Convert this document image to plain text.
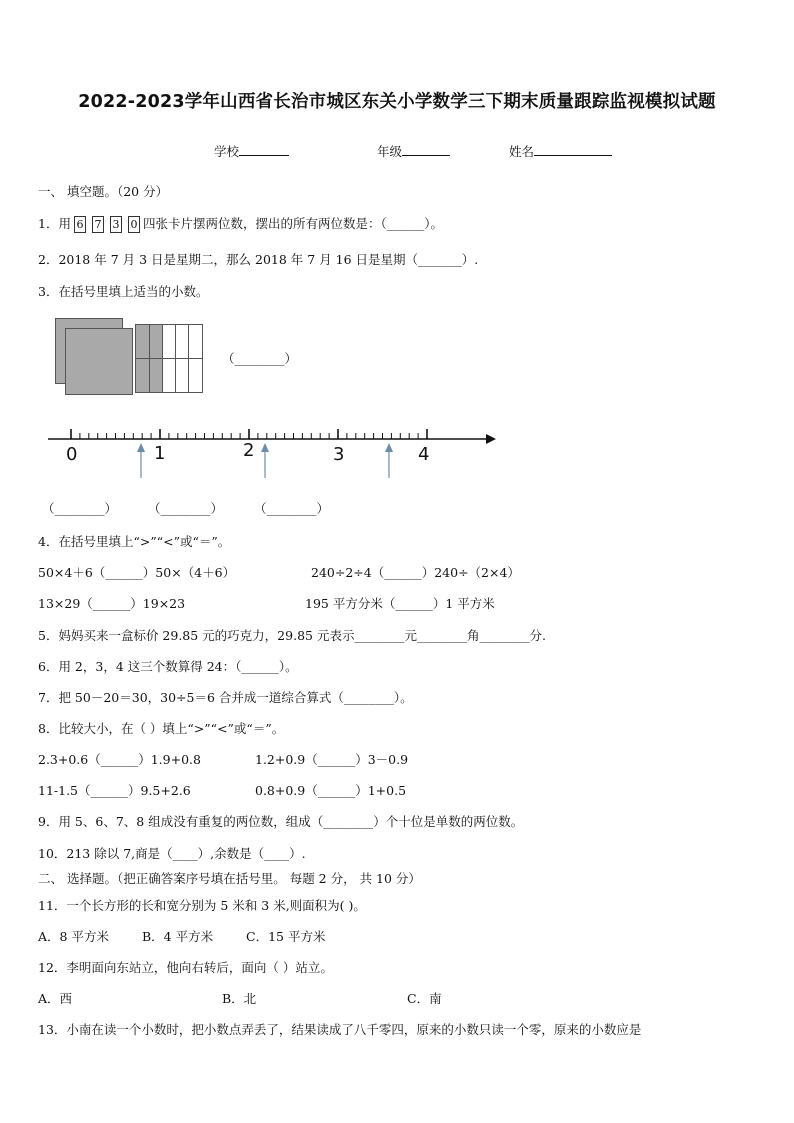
2022-2023学年山西省长治市城区东关小学数学三下期末质量跟踪监视模拟试题
学校	年级	姓名
一、 填空题。（20 分）
1．用 6 7 3 0 四张卡片摆两位数，摆出的所有两位数是：（______）。
2．2018 年 7 月 3 日是星期二，那么 2018 年 7 月 16 日是星期（_______）.
3．在括号里填上适当的小数。
（________）
0	1	2	3	4
（________） （________） （________）
4．在括号里填上“>”“<”或“＝”。
50×4＋6（______）50×（4＋6）	240÷2÷4（______）240÷（2×4）
13×29（______）19×23	195 平方分米（______）1 平方米
5．妈妈买来一盒标价 29.85 元的巧克力，29.85 元表示________元________角________分.
6．用 2，3，4 这三个数算得 24：（______）。
7．把 50－20＝30，30÷5＝6 合并成一道综合算式（________）。
8．比较大小，在（ ）填上“>”“<”或“＝”。
2.3+0.6（______）1.9+0.8	1.2+0.9（______）3－0.9
11-1.5（______）9.5+2.6	0.8+0.9（______）1+0.5
9．用 5、6、7、8 组成没有重复的两位数，组成（________）个十位是单数的两位数。
10．213 除以 7,商是（____）,余数是（____）.
二、 选择题。（把正确答案序号填在括号里。 每题 2 分， 共 10 分）
11．一个长方形的长和宽分别为 5 米和 3 米,则面积为( )。
A．8 平方米	B．4 平方米	C．15 平方米
12．李明面向东站立，他向右转后，面向（ ）站立。
A．西	B．北	C．南
13．小南在读一个小数时，把小数点弄丢了，结果读成了八千零四，原来的小数只读一个零，原来的小数应是
